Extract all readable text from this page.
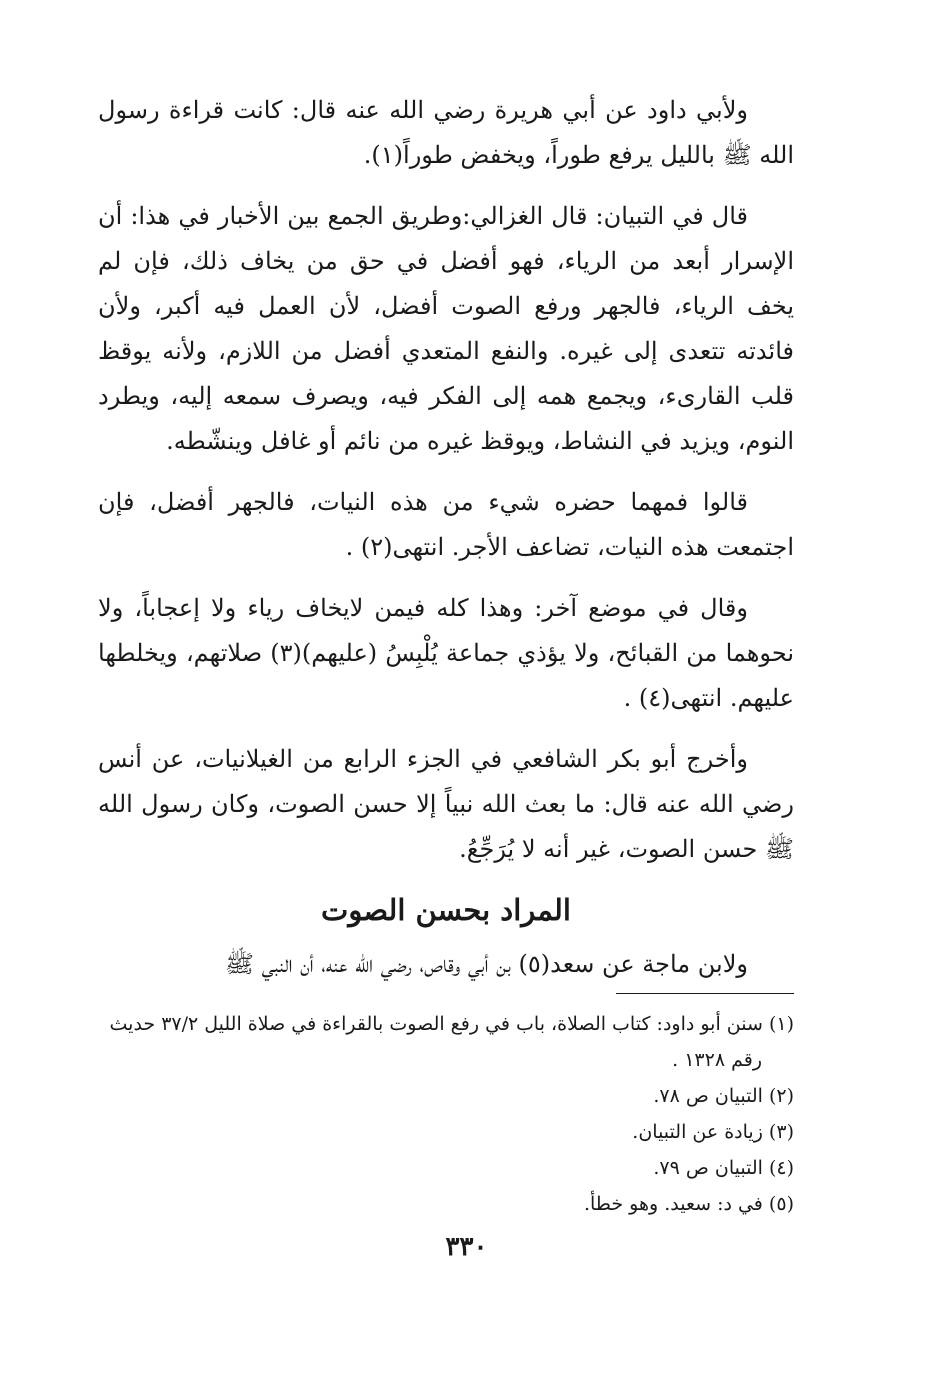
ولأبي داود عن أبي هريرة رضي الله عنه قال: كانت قراءة رسول الله ﷺ بالليل يرفع طوراً، ويخفض طوراً(١).

قال في التبيان: قال الغزالي:وطريق الجمع بين الأخبار في هذا: أن الإسرار أبعد من الرياء، فهو أفضل في حق من يخاف ذلك، فإن لم يخف الرياء، فالجهر ورفع الصوت أفضل، لأن العمل فيه أكبر، ولأن فائدته تتعدى إلى غيره. والنفع المتعدي أفضل من اللازم، ولأنه يوقظ قلب القارىء، ويجمع همه إلى الفكر فيه، ويصرف سمعه إليه، ويطرد النوم، ويزيد في النشاط، ويوقظ غيره من نائم أو غافل وينشّطه.

قالوا فمهما حضره شيء من هذه النيات، فالجهر أفضل، فإن اجتمعت هذه النيات، تضاعف الأجر. انتهى(٢) .

وقال في موضع آخر: وهذا كله فيمن لايخاف رياء ولا إعجاباً، ولا نحوهما من القبائح، ولا يؤذي جماعة يُلْبِسُ (عليهم)(٣) صلاتهم، ويخلطها عليهم. انتهى(٤) .

وأخرج أبو بكر الشافعي في الجزء الرابع من الغيلانيات، عن أنس رضي الله عنه قال: ما بعث الله نبياً إلا حسن الصوت، وكان رسول الله ﷺ حسن الصوت، غير أنه لا يُرَجِّعُ.

المراد بحسن الصوت

ولابن ماجة عن سعد(٥) بن أبي وقاص، رضي الله عنه، أن النبي ﷺ

(١) سنن أبو داود: كتاب الصلاة، باب في رفع الصوت بالقراءة في صلاة الليل ٣٧/٢ حديث رقم ١٣٢٨ .

(٢) التبيان ص ٧٨.

(٣) زيادة عن التبيان.

(٤) التبيان ص ٧٩.

(٥) في د: سعيد. وهو خطأ.

٣٣٠
